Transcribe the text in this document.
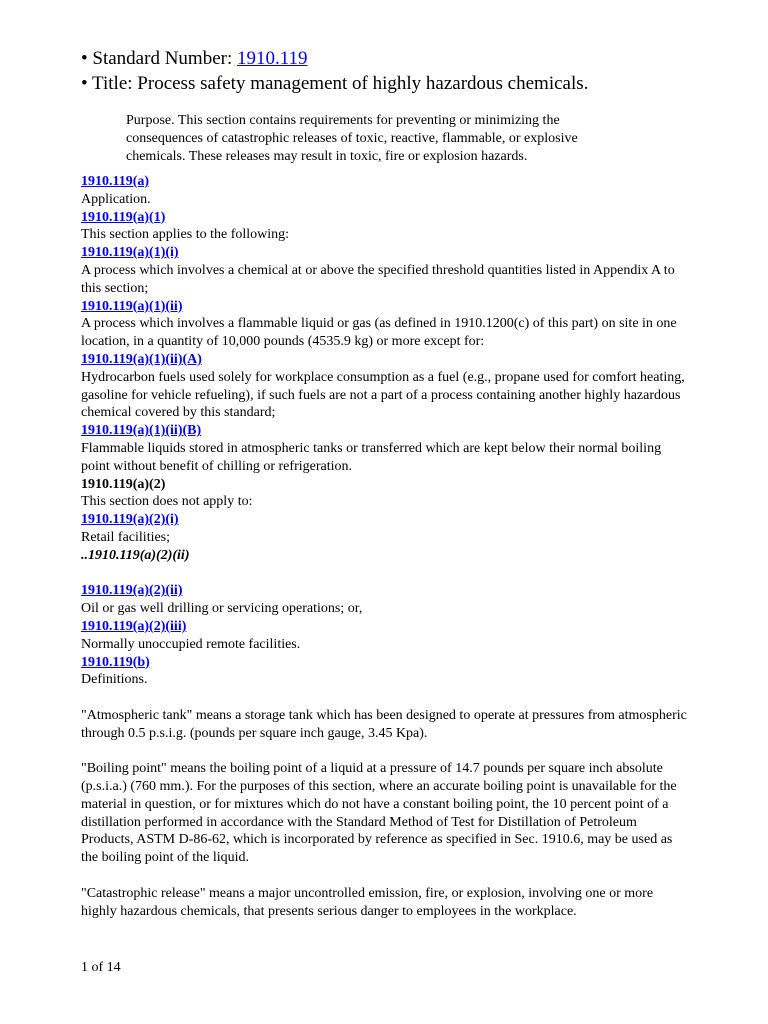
• Standard Number: 1910.119
• Title: Process safety management of highly hazardous chemicals.
Purpose. This section contains requirements for preventing or minimizing the consequences of catastrophic releases of toxic, reactive, flammable, or explosive chemicals. These releases may result in toxic, fire or explosion hazards.
1910.119(a)
Application.
1910.119(a)(1)
This section applies to the following:
1910.119(a)(1)(i)
A process which involves a chemical at or above the specified threshold quantities listed in Appendix A to this section;
1910.119(a)(1)(ii)
A process which involves a flammable liquid or gas (as defined in 1910.1200(c) of this part) on site in one location, in a quantity of 10,000 pounds (4535.9 kg) or more except for:
1910.119(a)(1)(ii)(A)
Hydrocarbon fuels used solely for workplace consumption as a fuel (e.g., propane used for comfort heating, gasoline for vehicle refueling), if such fuels are not a part of a process containing another highly hazardous chemical covered by this standard;
1910.119(a)(1)(ii)(B)
Flammable liquids stored in atmospheric tanks or transferred which are kept below their normal boiling point without benefit of chilling or refrigeration.
1910.119(a)(2)
This section does not apply to:
1910.119(a)(2)(i)
Retail facilities;
..1910.119(a)(2)(ii)
1910.119(a)(2)(ii)
Oil or gas well drilling or servicing operations; or,
1910.119(a)(2)(iii)
Normally unoccupied remote facilities.
1910.119(b)
Definitions.
"Atmospheric tank" means a storage tank which has been designed to operate at pressures from atmospheric through 0.5 p.s.i.g. (pounds per square inch gauge, 3.45 Kpa).
"Boiling point" means the boiling point of a liquid at a pressure of 14.7 pounds per square inch absolute (p.s.i.a.) (760 mm.). For the purposes of this section, where an accurate boiling point is unavailable for the material in question, or for mixtures which do not have a constant boiling point, the 10 percent point of a distillation performed in accordance with the Standard Method of Test for Distillation of Petroleum Products, ASTM D-86-62, which is incorporated by reference as specified in Sec. 1910.6, may be used as the boiling point of the liquid.
"Catastrophic release" means a major uncontrolled emission, fire, or explosion, involving one or more highly hazardous chemicals, that presents serious danger to employees in the workplace.
1 of 14
